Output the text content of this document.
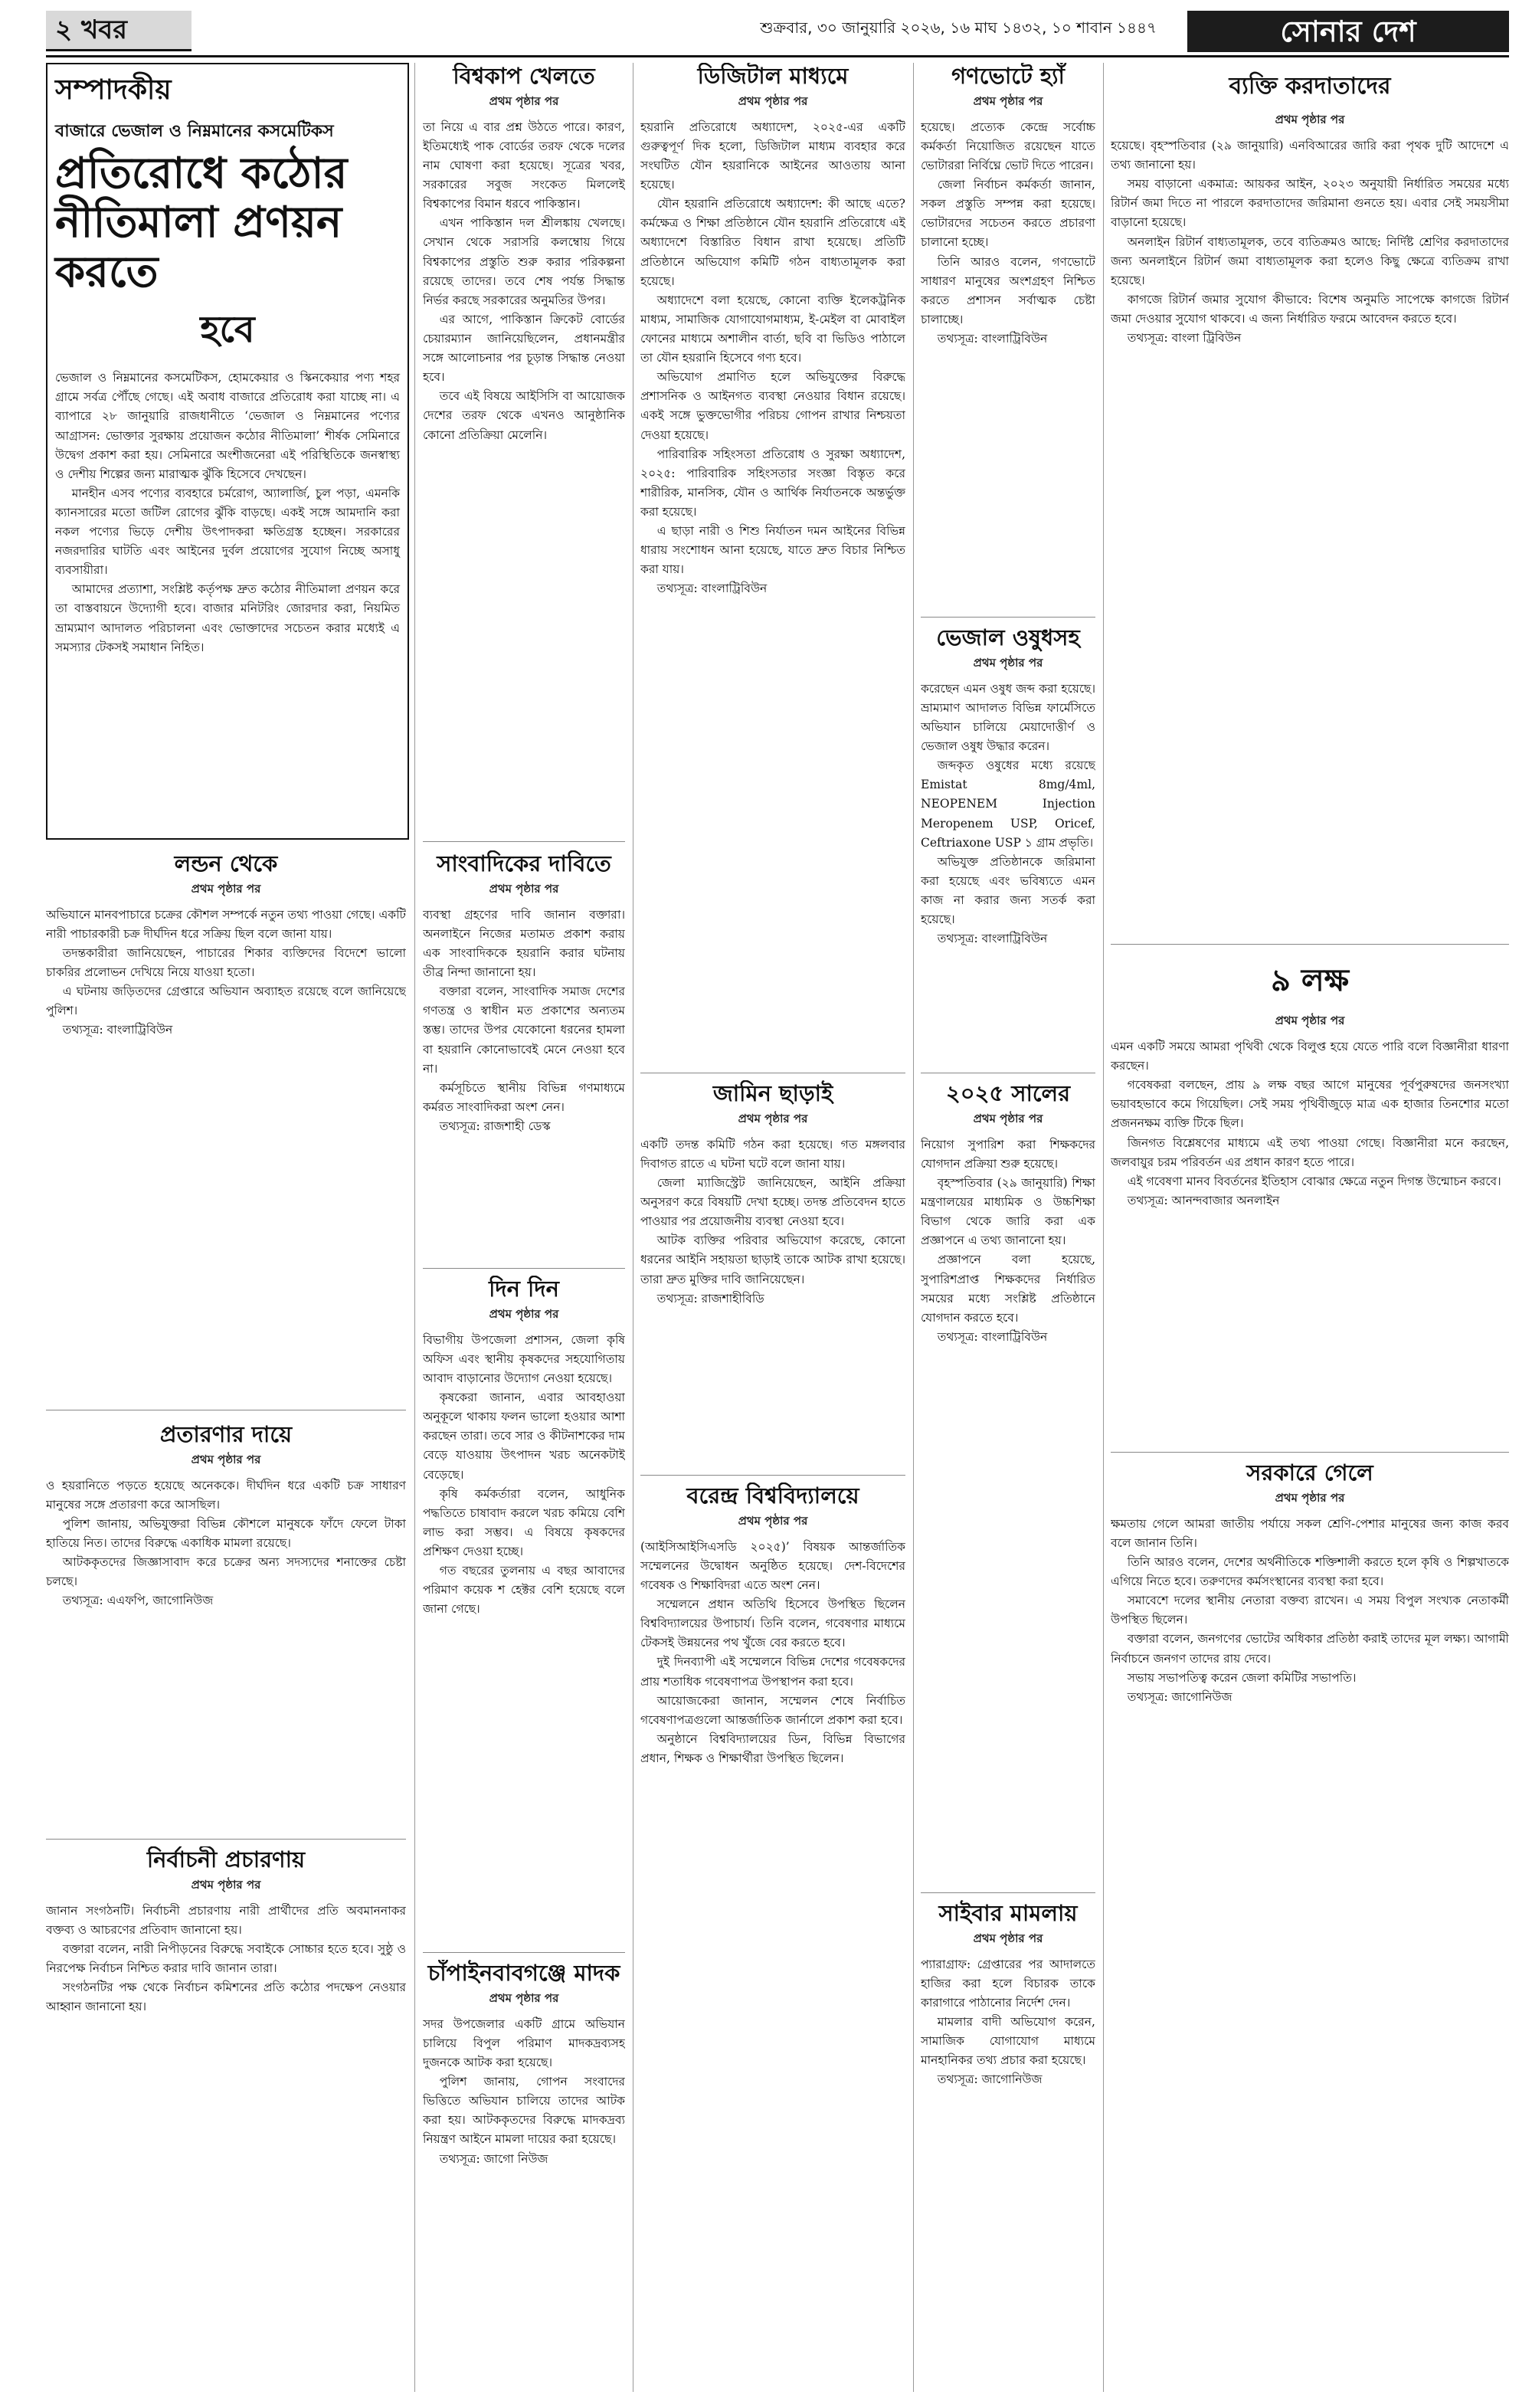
২ খবর	শুক্রবার, ৩০ জানুয়ারি ২০২৬, ১৬ মাঘ ১৪৩২, ১০ শাবান ১৪৪৭	সোনার দেশ
সম্পাদকীয়
বাজারে ভেজাল ও নিম্নমানের কসমেটিকস
প্রতিরোধে কঠোর নীতিমালা প্রণয়ন করতে
হবে

ভেজাল ও নিম্নমানের কসমেটিকস, হোমকেয়ার ও স্কিনকেয়ার পণ্য শহর গ্রামে সর্বত্র পৌঁছে গেছে। এই অবাধ বাজারে প্রতিরোধ করা যাচ্ছে না। এ ব্যাপারে ২৮ জানুয়ারি রাজধানীতে ‘ভেজাল ও নিম্নমানের পণ্যের আগ্রাসন: ভোক্তার সুরক্ষায় প্রয়োজন কঠোর নীতিমালা’ শীর্ষক সেমিনারে উদ্বেগ প্রকাশ করা হয়। সেমিনারে অংশীজনেরা এই পরিস্থিতিকে জনস্বাস্থ্য ও দেশীয় শিল্পের জন্য মারাত্মক ঝুঁকি হিসেবে দেখছেন।

মানহীন এসব পণ্যের ব্যবহারে চর্মরোগ, অ্যালার্জি, চুল পড়া, এমনকি ক্যানসারের মতো জটিল রোগের ঝুঁকি বাড়ছে। একই সঙ্গে আমদানি করা নকল পণ্যের ভিড়ে দেশীয় উৎপাদকরা ক্ষতিগ্রস্ত হচ্ছেন। সরকারের নজরদারির ঘাটতি এবং আইনের দুর্বল প্রয়োগের সুযোগ নিচ্ছে অসাধু ব্যবসায়ীরা।

আমাদের প্রত্যাশা, সংশ্লিষ্ট কর্তৃপক্ষ দ্রুত কঠোর নীতিমালা প্রণয়ন করে তা বাস্তবায়নে উদ্যোগী হবে। বাজার মনিটরিং জোরদার করা, নিয়মিত ভ্রাম্যমাণ আদালত পরিচালনা এবং ভোক্তাদের সচেতন করার মধ্যেই এ সমস্যার টেকসই সমাধান নিহিত।

লন্ডন থেকে
প্রথম পৃষ্ঠার পর

অভিযানে মানবপাচারে চক্রের কৌশল সম্পর্কে নতুন তথ্য পাওয়া গেছে। একটি নারী পাচারকারী চক্র দীর্ঘদিন ধরে সক্রিয় ছিল বলে জানা যায়।

তদন্তকারীরা জানিয়েছেন, পাচারের শিকার ব্যক্তিদের বিদেশে ভালো চাকরির প্রলোভন দেখিয়ে নিয়ে যাওয়া হতো।

এ ঘটনায় জড়িতদের গ্রেপ্তারে অভিযান অব্যাহত রয়েছে বলে জানিয়েছে পুলিশ।

তথ্যসূত্র: বাংলাট্রিবিউন

প্রতারণার দায়ে
প্রথম পৃষ্ঠার পর

ও হয়রানিতে পড়তে হয়েছে অনেককে। দীর্ঘদিন ধরে একটি চক্র সাধারণ মানুষের সঙ্গে প্রতারণা করে আসছিল।

পুলিশ জানায়, অভিযুক্তরা বিভিন্ন কৌশলে মানুষকে ফাঁদে ফেলে টাকা হাতিয়ে নিত। তাদের বিরুদ্ধে একাধিক মামলা রয়েছে।

আটককৃতদের জিজ্ঞাসাবাদ করে চক্রের অন্য সদস্যদের শনাক্তের চেষ্টা চলছে।

তথ্যসূত্র: এএফপি, জাগোনিউজ

নির্বাচনী প্রচারণায়
প্রথম পৃষ্ঠার পর

জানান সংগঠনটি। নির্বাচনী প্রচারণায় নারী প্রার্থীদের প্রতি অবমাননাকর বক্তব্য ও আচরণের প্রতিবাদ জানানো হয়।

বক্তারা বলেন, নারী নিপীড়নের বিরুদ্ধে সবাইকে সোচ্চার হতে হবে। সুষ্ঠু ও নিরপেক্ষ নির্বাচন নিশ্চিত করার দাবি জানান তারা।

সংগঠনটির পক্ষ থেকে নির্বাচন কমিশনের প্রতি কঠোর পদক্ষেপ নেওয়ার আহ্বান জানানো হয়।

বিশ্বকাপ খেলতে
প্রথম পৃষ্ঠার পর

তা নিয়ে এ বার প্রশ্ন উঠতে পারে। কারণ, ইতিমধ্যেই পাক বোর্ডের তরফ থেকে দলের নাম ঘোষণা করা হয়েছে। সূত্রের খবর, সরকারের সবুজ সংকেত মিললেই বিশ্বকাপের বিমান ধরবে পাকিস্তান।

এখন পাকিস্তান দল শ্রীলঙ্কায় খেলছে। সেখান থেকে সরাসরি কলম্বোয় গিয়ে বিশ্বকাপের প্রস্তুতি শুরু করার পরিকল্পনা রয়েছে তাদের। তবে শেষ পর্যন্ত সিদ্ধান্ত নির্ভর করছে সরকারের অনুমতির উপর।

এর আগে, পাকিস্তান ক্রিকেট বোর্ডের চেয়ারম্যান জানিয়েছিলেন, প্রধানমন্ত্রীর সঙ্গে আলোচনার পর চূড়ান্ত সিদ্ধান্ত নেওয়া হবে।

তবে এই বিষয়ে আইসিসি বা আয়োজক দেশের তরফ থেকে এখনও আনুষ্ঠানিক কোনো প্রতিক্রিয়া মেলেনি।

সাংবাদিকের দাবিতে
প্রথম পৃষ্ঠার পর

ব্যবস্থা গ্রহণের দাবি জানান বক্তারা। অনলাইনে নিজের মতামত প্রকাশ করায় এক সাংবাদিককে হয়রানি করার ঘটনায় তীব্র নিন্দা জানানো হয়।

বক্তারা বলেন, সাংবাদিক সমাজ দেশের গণতন্ত্র ও স্বাধীন মত প্রকাশের অন্যতম স্তম্ভ। তাদের উপর যেকোনো ধরনের হামলা বা হয়রানি কোনোভাবেই মেনে নেওয়া হবে না।

কর্মসূচিতে স্থানীয় বিভিন্ন গণমাধ্যমে কর্মরত সাংবাদিকরা অংশ নেন।

তথ্যসূত্র: রাজশাহী ডেস্ক

দিন দিন
প্রথম পৃষ্ঠার পর

বিভাগীয় উপজেলা প্রশাসন, জেলা কৃষি অফিস এবং স্থানীয় কৃষকদের সহযোগিতায় আবাদ বাড়ানোর উদ্যোগ নেওয়া হয়েছে।

কৃষকেরা জানান, এবার আবহাওয়া অনুকূলে থাকায় ফলন ভালো হওয়ার আশা করছেন তারা। তবে সার ও কীটনাশকের দাম বেড়ে যাওয়ায় উৎপাদন খরচ অনেকটাই বেড়েছে।

কৃষি কর্মকর্তারা বলেন, আধুনিক পদ্ধতিতে চাষাবাদ করলে খরচ কমিয়ে বেশি লাভ করা সম্ভব। এ বিষয়ে কৃষকদের প্রশিক্ষণ দেওয়া হচ্ছে।

গত বছরের তুলনায় এ বছর আবাদের পরিমাণ কয়েক শ হেক্টর বেশি হয়েছে বলে জানা গেছে।

চাঁপাইনবাবগঞ্জে মাদক
প্রথম পৃষ্ঠার পর

সদর উপজেলার একটি গ্রামে অভিযান চালিয়ে বিপুল পরিমাণ মাদকদ্রব্যসহ দুজনকে আটক করা হয়েছে।

পুলিশ জানায়, গোপন সংবাদের ভিত্তিতে অভিযান চালিয়ে তাদের আটক করা হয়। আটককৃতদের বিরুদ্ধে মাদকদ্রব্য নিয়ন্ত্রণ আইনে মামলা দায়ের করা হয়েছে।

তথ্যসূত্র: জাগো নিউজ

ডিজিটাল মাধ্যমে
প্রথম পৃষ্ঠার পর

হয়রানি প্রতিরোধে অধ্যাদেশ, ২০২৫-এর একটি গুরুত্বপূর্ণ দিক হলো, ডিজিটাল মাধ্যম ব্যবহার করে সংঘটিত যৌন হয়রানিকে আইনের আওতায় আনা হয়েছে।

যৌন হয়রানি প্রতিরোধে অধ্যাদেশ: কী আছে এতে? কর্মক্ষেত্র ও শিক্ষা প্রতিষ্ঠানে যৌন হয়রানি প্রতিরোধে এই অধ্যাদেশে বিস্তারিত বিধান রাখা হয়েছে। প্রতিটি প্রতিষ্ঠানে অভিযোগ কমিটি গঠন বাধ্যতামূলক করা হয়েছে।

অধ্যাদেশে বলা হয়েছে, কোনো ব্যক্তি ইলেকট্রনিক মাধ্যম, সামাজিক যোগাযোগমাধ্যম, ই-মেইল বা মোবাইল ফোনের মাধ্যমে অশালীন বার্তা, ছবি বা ভিডিও পাঠালে তা যৌন হয়রানি হিসেবে গণ্য হবে।

অভিযোগ প্রমাণিত হলে অভিযুক্তের বিরুদ্ধে প্রশাসনিক ও আইনগত ব্যবস্থা নেওয়ার বিধান রয়েছে। একই সঙ্গে ভুক্তভোগীর পরিচয় গোপন রাখার নিশ্চয়তা দেওয়া হয়েছে।

পারিবারিক সহিংসতা প্রতিরোধ ও সুরক্ষা অধ্যাদেশ, ২০২৫: পারিবারিক সহিংসতার সংজ্ঞা বিস্তৃত করে শারীরিক, মানসিক, যৌন ও আর্থিক নির্যাতনকে অন্তর্ভুক্ত করা হয়েছে।

এ ছাড়া নারী ও শিশু নির্যাতন দমন আইনের বিভিন্ন ধারায় সংশোধন আনা হয়েছে, যাতে দ্রুত বিচার নিশ্চিত করা যায়।

তথ্যসূত্র: বাংলাট্রিবিউন

জামিন ছাড়াই
প্রথম পৃষ্ঠার পর

একটি তদন্ত কমিটি গঠন করা হয়েছে। গত মঙ্গলবার দিবাগত রাতে এ ঘটনা ঘটে বলে জানা যায়।

জেলা ম্যাজিস্ট্রেট জানিয়েছেন, আইনি প্রক্রিয়া অনুসরণ করে বিষয়টি দেখা হচ্ছে। তদন্ত প্রতিবেদন হাতে পাওয়ার পর প্রয়োজনীয় ব্যবস্থা নেওয়া হবে।

আটক ব্যক্তির পরিবার অভিযোগ করেছে, কোনো ধরনের আইনি সহায়তা ছাড়াই তাকে আটক রাখা হয়েছে। তারা দ্রুত মুক্তির দাবি জানিয়েছেন।

তথ্যসূত্র: রাজশাহীবিডি

বরেন্দ্র বিশ্ববিদ্যালয়ে
প্রথম পৃষ্ঠার পর

(আইসিআইসিএসডি ২০২৫)’ বিষয়ক আন্তর্জাতিক সম্মেলনের উদ্বোধন অনুষ্ঠিত হয়েছে। দেশ-বিদেশের গবেষক ও শিক্ষাবিদরা এতে অংশ নেন।

সম্মেলনে প্রধান অতিথি হিসেবে উপস্থিত ছিলেন বিশ্ববিদ্যালয়ের উপাচার্য। তিনি বলেন, গবেষণার মাধ্যমে টেকসই উন্নয়নের পথ খুঁজে বের করতে হবে।

দুই দিনব্যাপী এই সম্মেলনে বিভিন্ন দেশের গবেষকদের প্রায় শতাধিক গবেষণাপত্র উপস্থাপন করা হবে।

আয়োজকেরা জানান, সম্মেলন শেষে নির্বাচিত গবেষণাপত্রগুলো আন্তর্জাতিক জার্নালে প্রকাশ করা হবে।

অনুষ্ঠানে বিশ্ববিদ্যালয়ের ডিন, বিভিন্ন বিভাগের প্রধান, শিক্ষক ও শিক্ষার্থীরা উপস্থিত ছিলেন।

গণভোটে হ্যাঁ
প্রথম পৃষ্ঠার পর

হয়েছে। প্রত্যেক কেন্দ্রে সর্বোচ্চ কর্মকর্তা নিয়োজিত রয়েছেন যাতে ভোটাররা নির্বিঘ্নে ভোট দিতে পারেন।

জেলা নির্বাচন কর্মকর্তা জানান, সকল প্রস্তুতি সম্পন্ন করা হয়েছে। ভোটারদের সচেতন করতে প্রচারণা চালানো হচ্ছে।

তিনি আরও বলেন, গণভোটে সাধারণ মানুষের অংশগ্রহণ নিশ্চিত করতে প্রশাসন সর্বাত্মক চেষ্টা চালাচ্ছে।

তথ্যসূত্র: বাংলাট্রিবিউন

ভেজাল ওষুধসহ
প্রথম পৃষ্ঠার পর

করেছেন এমন ওষুধ জব্দ করা হয়েছে। ভ্রাম্যমাণ আদালত বিভিন্ন ফার্মেসিতে অভিযান চালিয়ে মেয়াদোত্তীর্ণ ও ভেজাল ওষুধ উদ্ধার করেন।

জব্দকৃত ওষুধের মধ্যে রয়েছে Emistat 8mg/4ml, NEOPENEM Injection Meropenem USP, Oricef, Ceftriaxone USP ১ গ্রাম প্রভৃতি।

অভিযুক্ত প্রতিষ্ঠানকে জরিমানা করা হয়েছে এবং ভবিষ্যতে এমন কাজ না করার জন্য সতর্ক করা হয়েছে।

তথ্যসূত্র: বাংলাট্রিবিউন

২০২৫ সালের
প্রথম পৃষ্ঠার পর

নিয়োগ সুপারিশ করা শিক্ষকদের যোগদান প্রক্রিয়া শুরু হয়েছে।

বৃহস্পতিবার (২৯ জানুয়ারি) শিক্ষা মন্ত্রণালয়ের মাধ্যমিক ও উচ্চশিক্ষা বিভাগ থেকে জারি করা এক প্রজ্ঞাপনে এ তথ্য জানানো হয়।

প্রজ্ঞাপনে বলা হয়েছে, সুপারিশপ্রাপ্ত শিক্ষকদের নির্ধারিত সময়ের মধ্যে সংশ্লিষ্ট প্রতিষ্ঠানে যোগদান করতে হবে।

তথ্যসূত্র: বাংলাট্রিবিউন

সাইবার মামলায়
প্রথম পৃষ্ঠার পর

প্যারাগ্রাফ: গ্রেপ্তারের পর আদালতে হাজির করা হলে বিচারক তাকে কারাগারে পাঠানোর নির্দেশ দেন।

মামলার বাদী অভিযোগ করেন, সামাজিক যোগাযোগ মাধ্যমে মানহানিকর তথ্য প্রচার করা হয়েছে।

তথ্যসূত্র: জাগোনিউজ

ব্যক্তি করদাতাদের
প্রথম পৃষ্ঠার পর

হয়েছে। বৃহস্পতিবার (২৯ জানুয়ারি) এনবিআরের জারি করা পৃথক দুটি আদেশে এ তথ্য জানানো হয়।

সময় বাড়ানো একমাত্র: আয়কর আইন, ২০২৩ অনুযায়ী নির্ধারিত সময়ের মধ্যে রিটার্ন জমা দিতে না পারলে করদাতাদের জরিমানা গুনতে হয়। এবার সেই সময়সীমা বাড়ানো হয়েছে।

অনলাইন রিটার্ন বাধ্যতামূলক, তবে ব্যতিক্রমও আছে: নির্দিষ্ট শ্রেণির করদাতাদের জন্য অনলাইনে রিটার্ন জমা বাধ্যতামূলক করা হলেও কিছু ক্ষেত্রে ব্যতিক্রম রাখা হয়েছে।

কাগজে রিটার্ন জমার সুযোগ কীভাবে: বিশেষ অনুমতি সাপেক্ষে কাগজে রিটার্ন জমা দেওয়ার সুযোগ থাকবে। এ জন্য নির্ধারিত ফরমে আবেদন করতে হবে।

তথ্যসূত্র: বাংলা ট্রিবিউন

৯ লক্ষ
প্রথম পৃষ্ঠার পর

এমন একটি সময়ে আমরা পৃথিবী থেকে বিলুপ্ত হয়ে যেতে পারি বলে বিজ্ঞানীরা ধারণা করছেন।

গবেষকরা বলছেন, প্রায় ৯ লক্ষ বছর আগে মানুষের পূর্বপুরুষদের জনসংখ্যা ভয়াবহভাবে কমে গিয়েছিল। সেই সময় পৃথিবীজুড়ে মাত্র এক হাজার তিনশোর মতো প্রজননক্ষম ব্যক্তি টিকে ছিল।

জিনগত বিশ্লেষণের মাধ্যমে এই তথ্য পাওয়া গেছে। বিজ্ঞানীরা মনে করছেন, জলবায়ুর চরম পরিবর্তন এর প্রধান কারণ হতে পারে।

এই গবেষণা মানব বিবর্তনের ইতিহাস বোঝার ক্ষেত্রে নতুন দিগন্ত উন্মোচন করবে।

তথ্যসূত্র: আনন্দবাজার অনলাইন

সরকারে গেলে
প্রথম পৃষ্ঠার পর

ক্ষমতায় গেলে আমরা জাতীয় পর্যায়ে সকল শ্রেণি-পেশার মানুষের জন্য কাজ করব বলে জানান তিনি।

তিনি আরও বলেন, দেশের অর্থনীতিকে শক্তিশালী করতে হলে কৃষি ও শিল্পখাতকে এগিয়ে নিতে হবে। তরুণদের কর্মসংস্থানের ব্যবস্থা করা হবে।

সমাবেশে দলের স্থানীয় নেতারা বক্তব্য রাখেন। এ সময় বিপুল সংখ্যক নেতাকর্মী উপস্থিত ছিলেন।

বক্তারা বলেন, জনগণের ভোটের অধিকার প্রতিষ্ঠা করাই তাদের মূল লক্ষ্য। আগামী নির্বাচনে জনগণ তাদের রায় দেবে।

সভায় সভাপতিত্ব করেন জেলা কমিটির সভাপতি।

তথ্যসূত্র: জাগোনিউজ
